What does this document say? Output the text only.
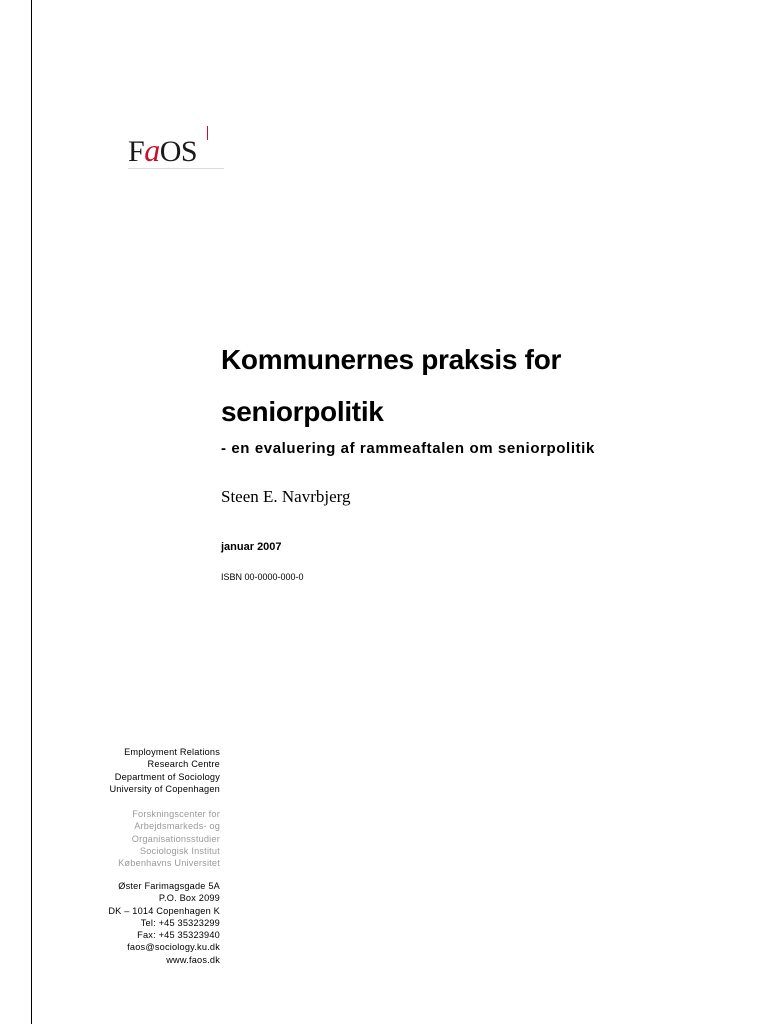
FaOS
Kommunernes praksis for
seniorpolitik
- en evaluering af rammeaftalen om seniorpolitik
Steen E. Navrbjerg
januar 2007
ISBN 00-0000-000-0
Employment Relations
Research Centre
Department of Sociology
University of Copenhagen
Forskningscenter for
Arbejdsmarkeds- og
Organisationsstudier
Sociologisk Institut
Københavns Universitet
Øster Farimagsgade 5A
P.O. Box 2099
DK – 1014 Copenhagen K
Tel: +45 35323299
Fax: +45 35323940
faos@sociology.ku.dk
www.faos.dk
